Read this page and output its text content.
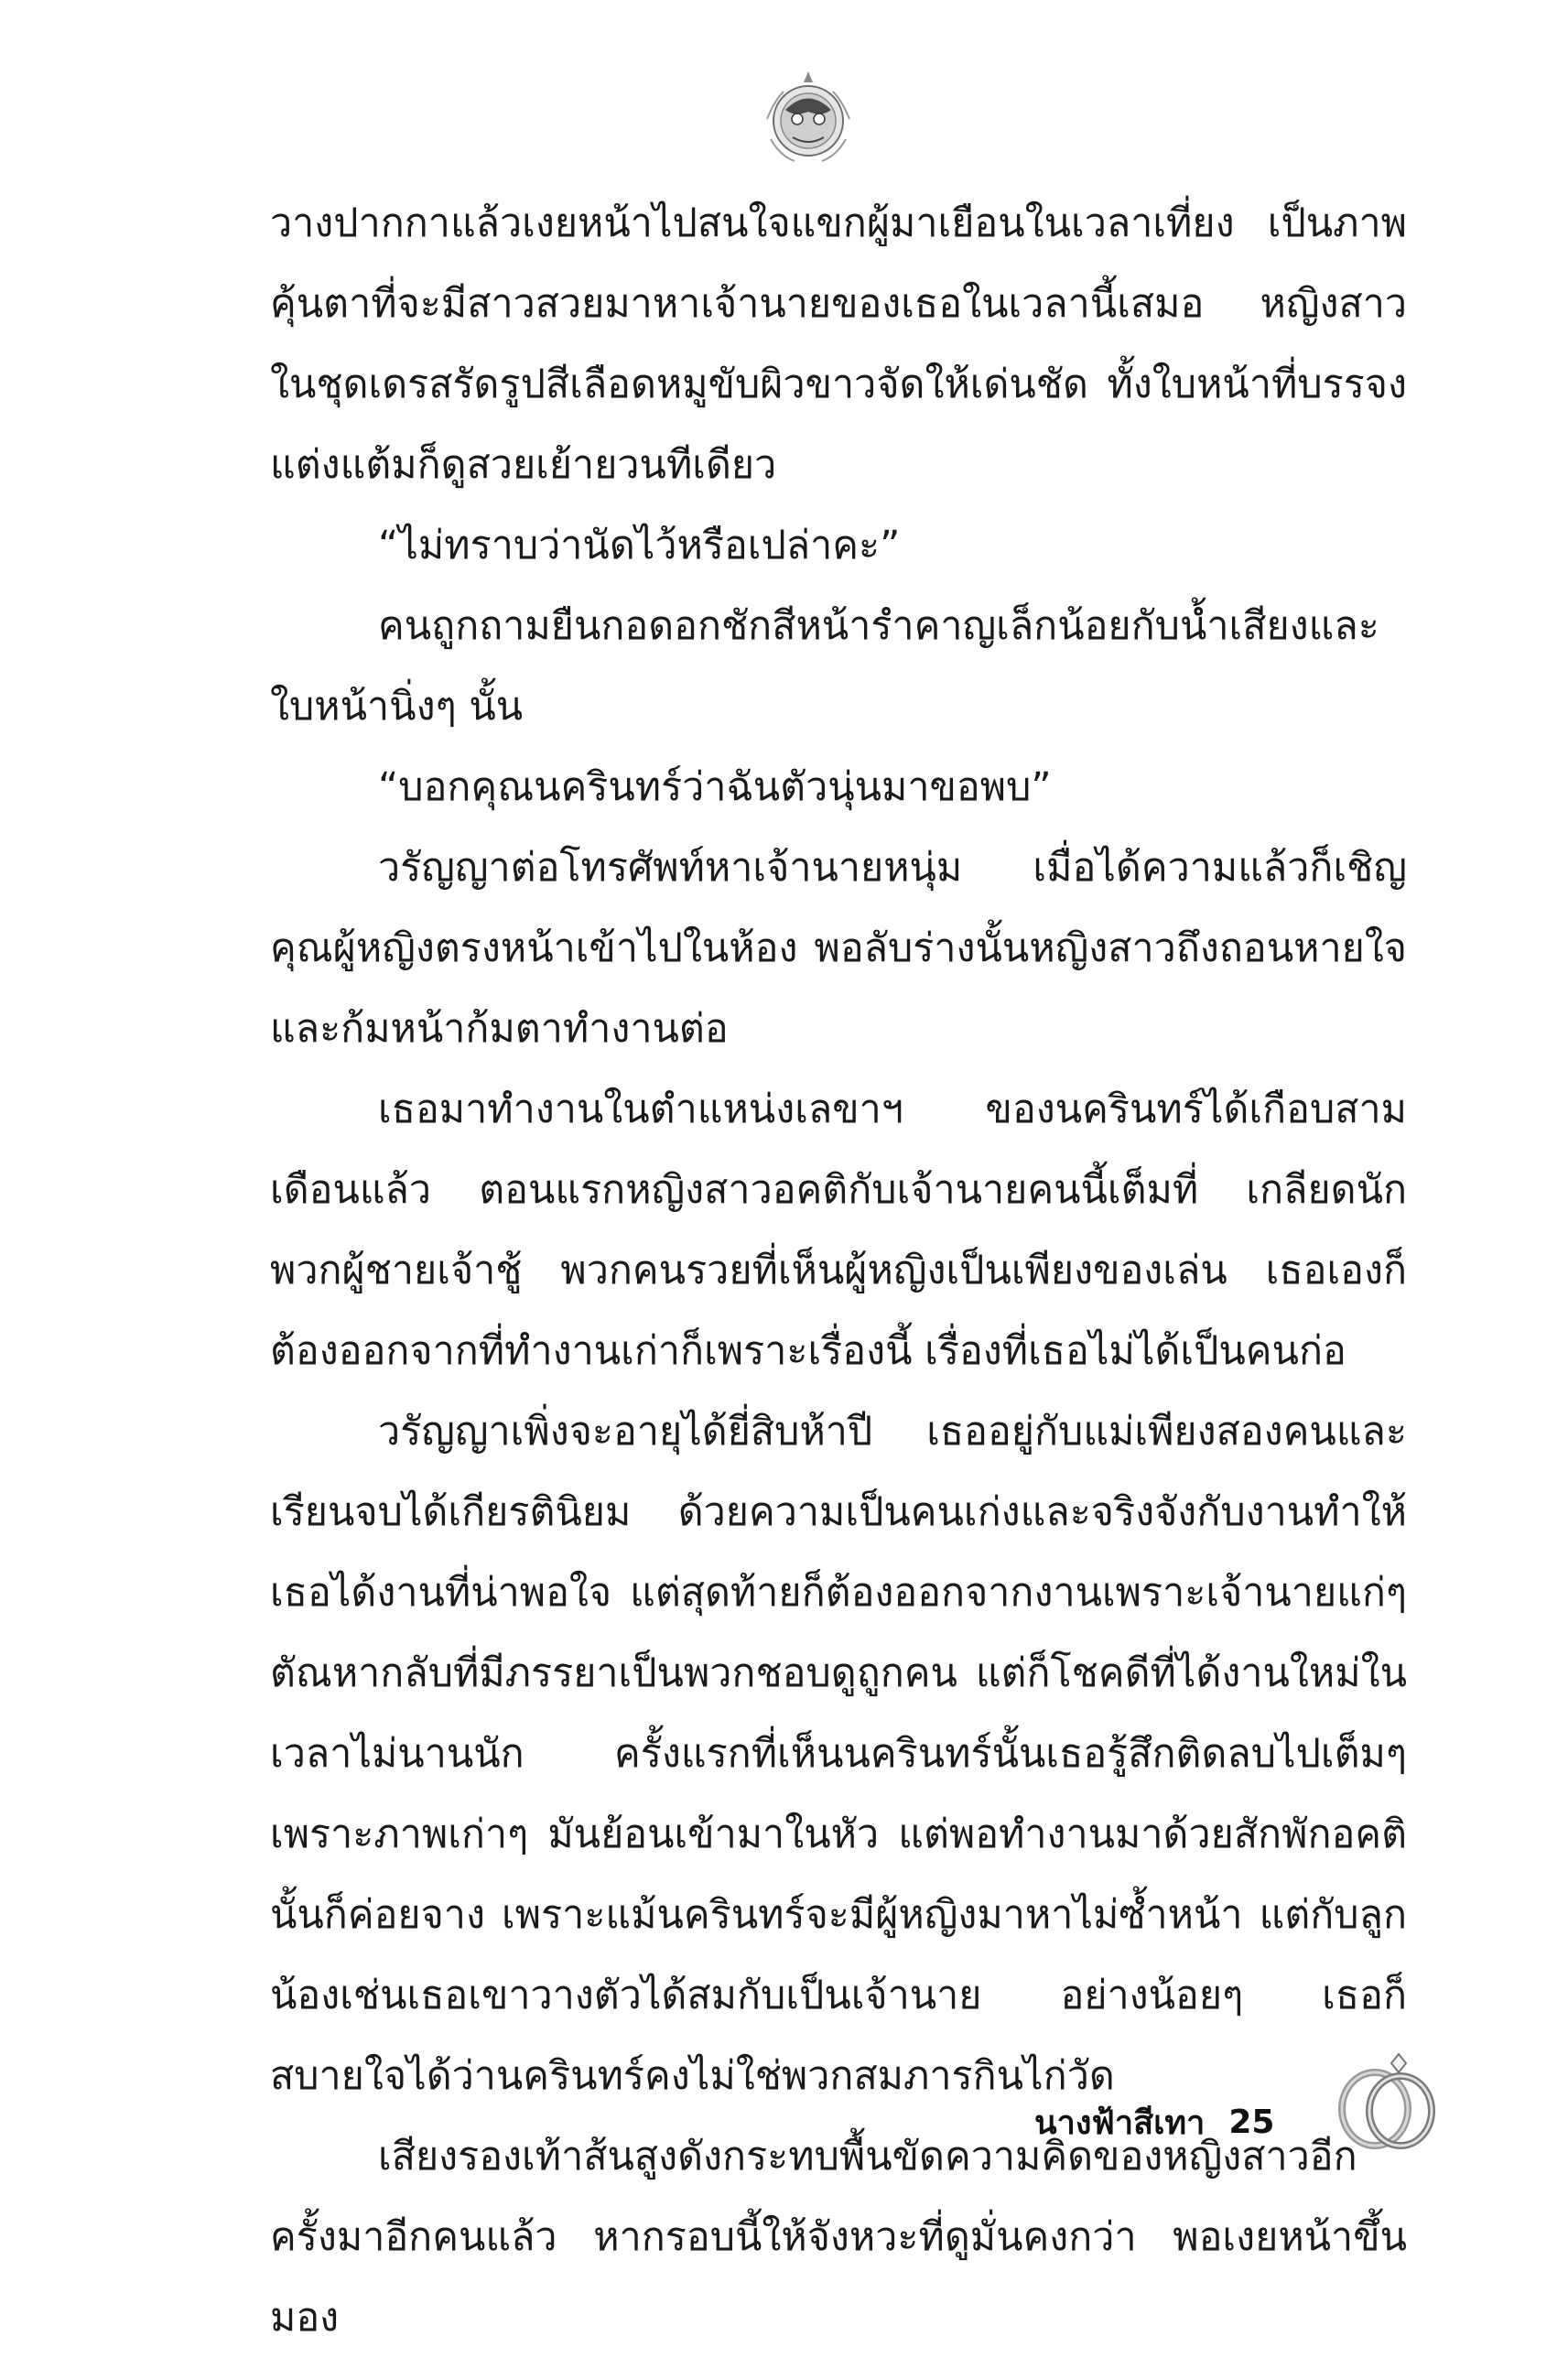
วางปากกาแล้วเงยหน้าไปสนใจแขกผู้มาเยือนในเวลาเที่ยง เป็นภาพคุ้นตาที่จะมีสาวสวยมาหาเจ้านายของเธอในเวลานี้เสมอ หญิงสาวในชุดเดรสรัดรูปสีเลือดหมูขับผิวขาวจัดให้เด่นชัด ทั้งใบหน้าที่บรรจงแต่งแต้มก็ดูสวยเย้ายวนทีเดียว

“ไม่ทราบว่านัดไว้หรือเปล่าคะ”

คนถูกถามยืนกอดอกชักสีหน้ารำคาญเล็กน้อยกับน้ำเสียงและใบหน้านิ่งๆ นั้น

“บอกคุณนครินทร์ว่าฉันตัวนุ่นมาขอพบ”

วรัญญาต่อโทรศัพท์หาเจ้านายหนุ่ม เมื่อได้ความแล้วก็เชิญคุณผู้หญิงตรงหน้าเข้าไปในห้อง พอลับร่างนั้นหญิงสาวถึงถอนหายใจและก้มหน้าก้มตาทำงานต่อ

เธอมาทำงานในตำแหน่งเลขาฯ ของนครินทร์ได้เกือบสามเดือนแล้ว ตอนแรกหญิงสาวอคติกับเจ้านายคนนี้เต็มที่ เกลียดนักพวกผู้ชายเจ้าชู้ พวกคนรวยที่เห็นผู้หญิงเป็นเพียงของเล่น เธอเองก็ต้องออกจากที่ทำงานเก่าก็เพราะเรื่องนี้ เรื่องที่เธอไม่ได้เป็นคนก่อ

วรัญญาเพิ่งจะอายุได้ยี่สิบห้าปี เธออยู่กับแม่เพียงสองคนและเรียนจบได้เกียรตินิยม ด้วยความเป็นคนเก่งและจริงจังกับงานทำให้เธอได้งานที่น่าพอใจ แต่สุดท้ายก็ต้องออกจากงานเพราะเจ้านายแก่ๆ ตัณหากลับที่มีภรรยาเป็นพวกชอบดูถูกคน แต่ก็โชคดีที่ได้งานใหม่ในเวลาไม่นานนัก ครั้งแรกที่เห็นนครินทร์นั้นเธอรู้สึกติดลบไปเต็มๆ เพราะภาพเก่าๆ มันย้อนเข้ามาในหัว แต่พอทำงานมาด้วยสักพักอคตินั้นก็ค่อยจาง เพราะแม้นครินทร์จะมีผู้หญิงมาหาไม่ซ้ำหน้า แต่กับลูกน้องเช่นเธอเขาวางตัวได้สมกับเป็นเจ้านาย อย่างน้อยๆ เธอก็สบายใจได้ว่านครินทร์คงไม่ใช่พวกสมภารกินไก่วัด

เสียงรองเท้าส้นสูงดังกระทบพื้นขัดความคิดของหญิงสาวอีกครั้งมาอีกคนแล้ว หากรอบนี้ให้จังหวะที่ดูมั่นคงกว่า พอเงยหน้าขึ้นมอง

นางฟ้าสีเทา 25
